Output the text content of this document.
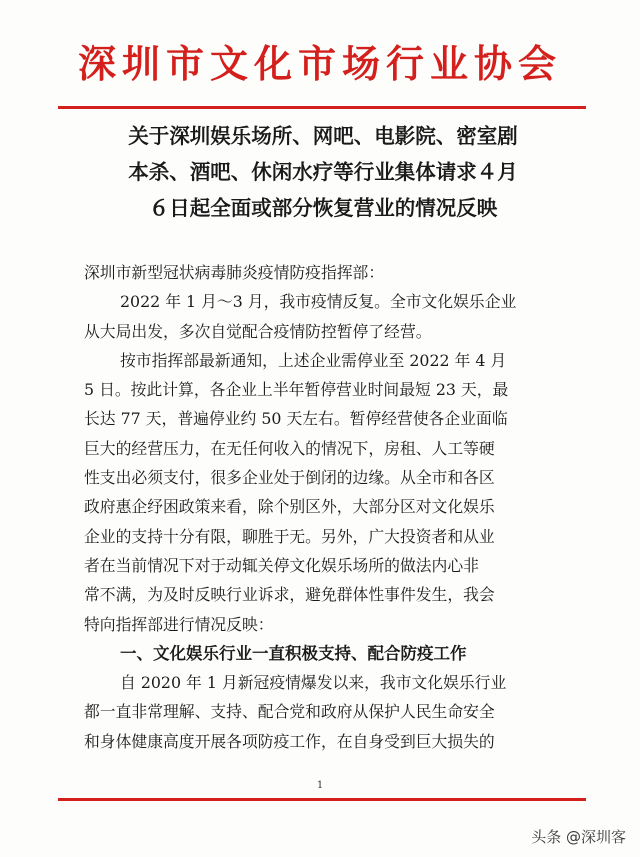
深圳市文化市场行业协会
关于深圳娱乐场所、网吧、电影院、密室剧
本杀、酒吧、休闲水疗等行业集体请求４月
６日起全面或部分恢复营业的情况反映
深圳市新型冠状病毒肺炎疫情防疫指挥部：

2022 年 1 月～3 月，我市疫情反复。全市文化娱乐企业
从大局出发，多次自觉配合疫情防控暂停了经营。

按市指挥部最新通知，上述企业需停业至 2022 年 4 月
5 日。按此计算，各企业上半年暂停营业时间最短 23 天，最
长达 77 天，普遍停业约 50 天左右。暂停经营使各企业面临
巨大的经营压力，在无任何收入的情况下，房租、人工等硬
性支出必须支付，很多企业处于倒闭的边缘。从全市和各区
政府惠企纾困政策来看，除个别区外，大部分区对文化娱乐
企业的支持十分有限，聊胜于无。另外，广大投资者和从业
者在当前情况下对于动辄关停文化娱乐场所的做法内心非
常不满，为及时反映行业诉求，避免群体性事件发生，我会
特向指挥部进行情况反映：

一、文化娱乐行业一直积极支持、配合防疫工作

自 2020 年 1 月新冠疫情爆发以来，我市文化娱乐行业
都一直非常理解、支持、配合党和政府从保护人民生命安全
和身体健康高度开展各项防疫工作，在自身受到巨大损失的

1
头条 @深圳客
